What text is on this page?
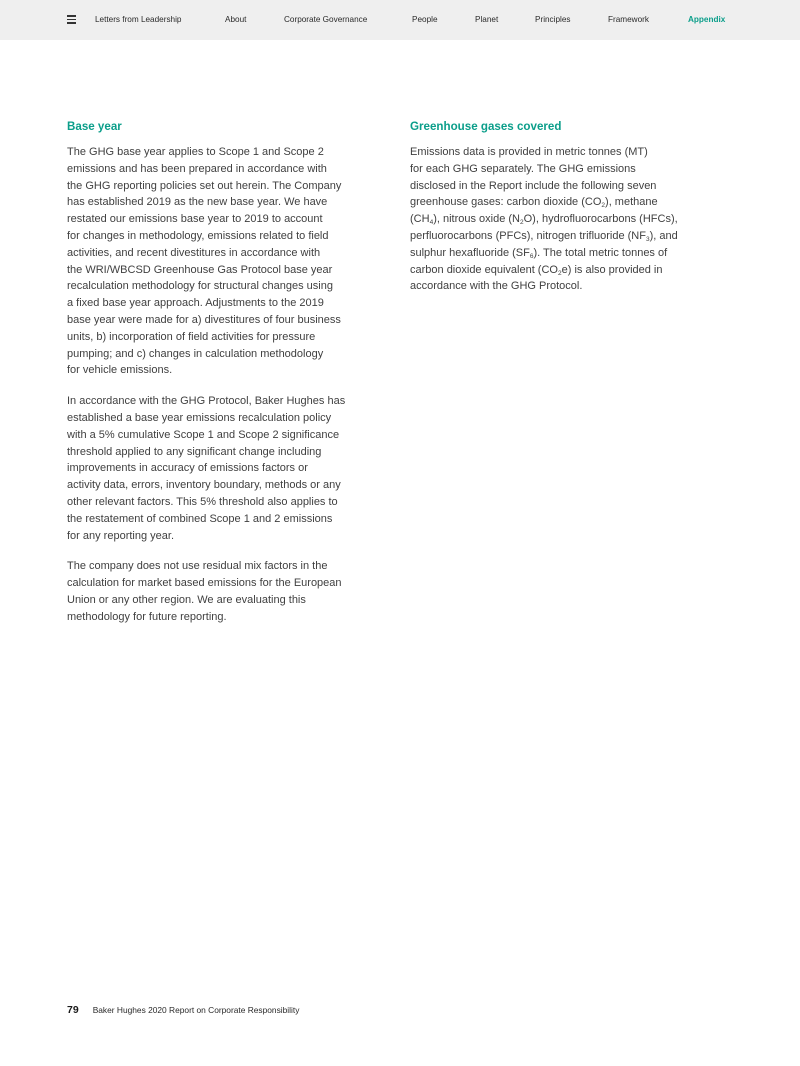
Letters from Leadership	About	Corporate Governance	People	Planet	Principles	Framework	Appendix
Base year

The GHG base year applies to Scope 1 and Scope 2
emissions and has been prepared in accordance with
the GHG reporting policies set out herein. The Company
has established 2019 as the new base year. We have
restated our emissions base year to 2019 to account
for changes in methodology, emissions related to field
activities, and recent divestitures in accordance with
the WRI/WBCSD Greenhouse Gas Protocol base year
recalculation methodology for structural changes using
a fixed base year approach. Adjustments to the 2019
base year were made for a) divestitures of four business
units, b) incorporation of field activities for pressure
pumping; and c) changes in calculation methodology
for vehicle emissions.

In accordance with the GHG Protocol, Baker Hughes has
established a base year emissions recalculation policy
with a 5% cumulative Scope 1 and Scope 2 significance
threshold applied to any significant change including
improvements in accuracy of emissions factors or
activity data, errors, inventory boundary, methods or any
other relevant factors. This 5% threshold also applies to
the restatement of combined Scope 1 and 2 emissions
for any reporting year.

The company does not use residual mix factors in the
calculation for market based emissions for the European
Union or any other region. We are evaluating this
methodology for future reporting.

Greenhouse gases covered

Emissions data is provided in metric tonnes (MT)
for each GHG separately. The GHG emissions
disclosed in the Report include the following seven
greenhouse gases: carbon dioxide $(CO_2)$, methane
$(CH_4)$, nitrous oxide $(N_2O)$, hydrofluorocarbons (HFCs),
perfluorocarbons (PFCs), nitrogen trifluoride $(NF_3)$, and
sulphur hexafluoride $(SF_6)$. The total metric tonnes of
carbon dioxide equivalent $(CO_2e)$ is also provided in
accordance with the GHG Protocol.

79 Baker Hughes 2020 Report on Corporate Responsibility
